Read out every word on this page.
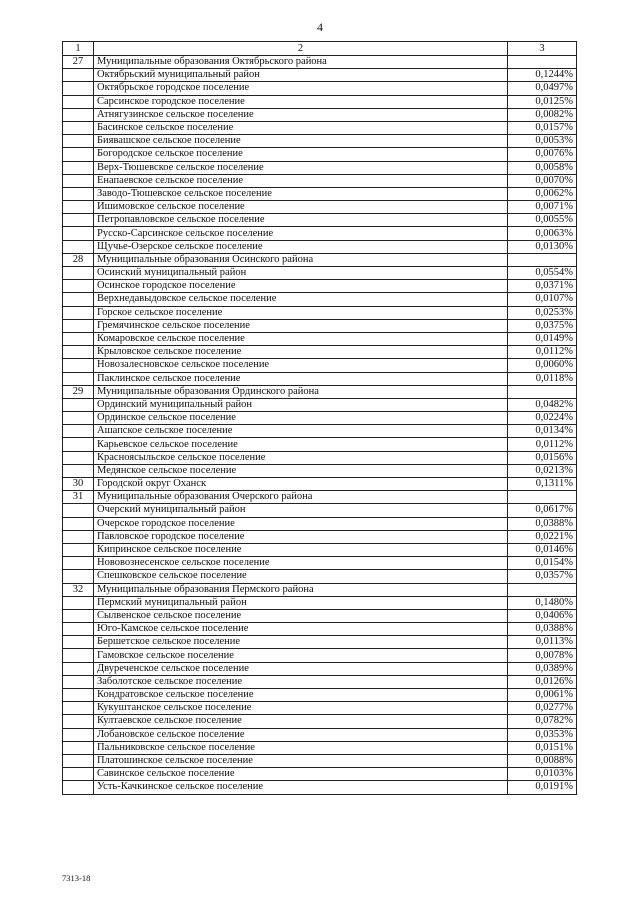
4
1	2	3
27	Муниципальные образования Октябрьского района	
	Октябрьский муниципальный район	0,1244%
	Октябрьское городское поселение	0,0497%
	Сарсинское городское поселение	0,0125%
	Атнягузинское сельское поселение	0,0082%
	Басинское сельское поселение	0,0157%
	Биявашское сельское поселение	0,0053%
	Богородское сельское поселение	0,0076%
	Верх-Тюшевское сельское поселение	0,0058%
	Енапаевское сельское поселение	0,0070%
	Заводо-Тюшевское сельское поселение	0,0062%
	Ишимовское сельское поселение	0,0071%
	Петропавловское сельское поселение	0,0055%
	Русско-Сарсинское сельское поселение	0,0063%
	Щучье-Озерское сельское поселение	0,0130%
28	Муниципальные образования Осинского района	
	Осинский муниципальный район	0,0554%
	Осинское городское поселение	0,0371%
	Верхнедавыдовское сельское поселение	0,0107%
	Горское сельское поселение	0,0253%
	Гремячинское сельское поселение	0,0375%
	Комаровское сельское поселение	0,0149%
	Крыловское сельское поселение	0,0112%
	Новозалесновское сельское поселение	0,0060%
	Паклинское сельское поселение	0,0118%
29	Муниципальные образования Ординского района	
	Ординский муниципальный район	0,0482%
	Ординское сельское поселение	0,0224%
	Ашапское сельское поселение	0,0134%
	Карьевское сельское поселение	0,0112%
	Красноясыльское сельское поселение	0,0156%
	Медянское сельское поселение	0,0213%
30	Городской округ Оханск	0,1311%
31	Муниципальные образования Очерского района	
	Очерский муниципальный район	0,0617%
	Очерское городское поселение	0,0388%
	Павловское городское поселение	0,0221%
	Кипринское сельское поселение	0,0146%
	Нововознесенское сельское поселение	0,0154%
	Спешковское сельское поселение	0,0357%
32	Муниципальные образования Пермского района	
	Пермский муниципальный район	0,1480%
	Сылвенское сельское поселение	0,0406%
	Юго-Камское сельское поселение	0,0388%
	Бершетское сельское поселение	0,0113%
	Гамовское сельское поселение	0,0078%
	Двуреченское сельское поселение	0,0389%
	Заболотское сельское поселение	0,0126%
	Кондратовское сельское поселение	0,0061%
	Кукуштанское сельское поселение	0,0277%
	Култаевское сельское поселение	0,0782%
	Лобановское сельское поселение	0,0353%
	Пальниковское сельское поселение	0,0151%
	Платошинское сельское поселение	0,0088%
	Савинское сельское поселение	0,0103%
	Усть-Качкинское сельское поселение	0,0191%
7313-18
